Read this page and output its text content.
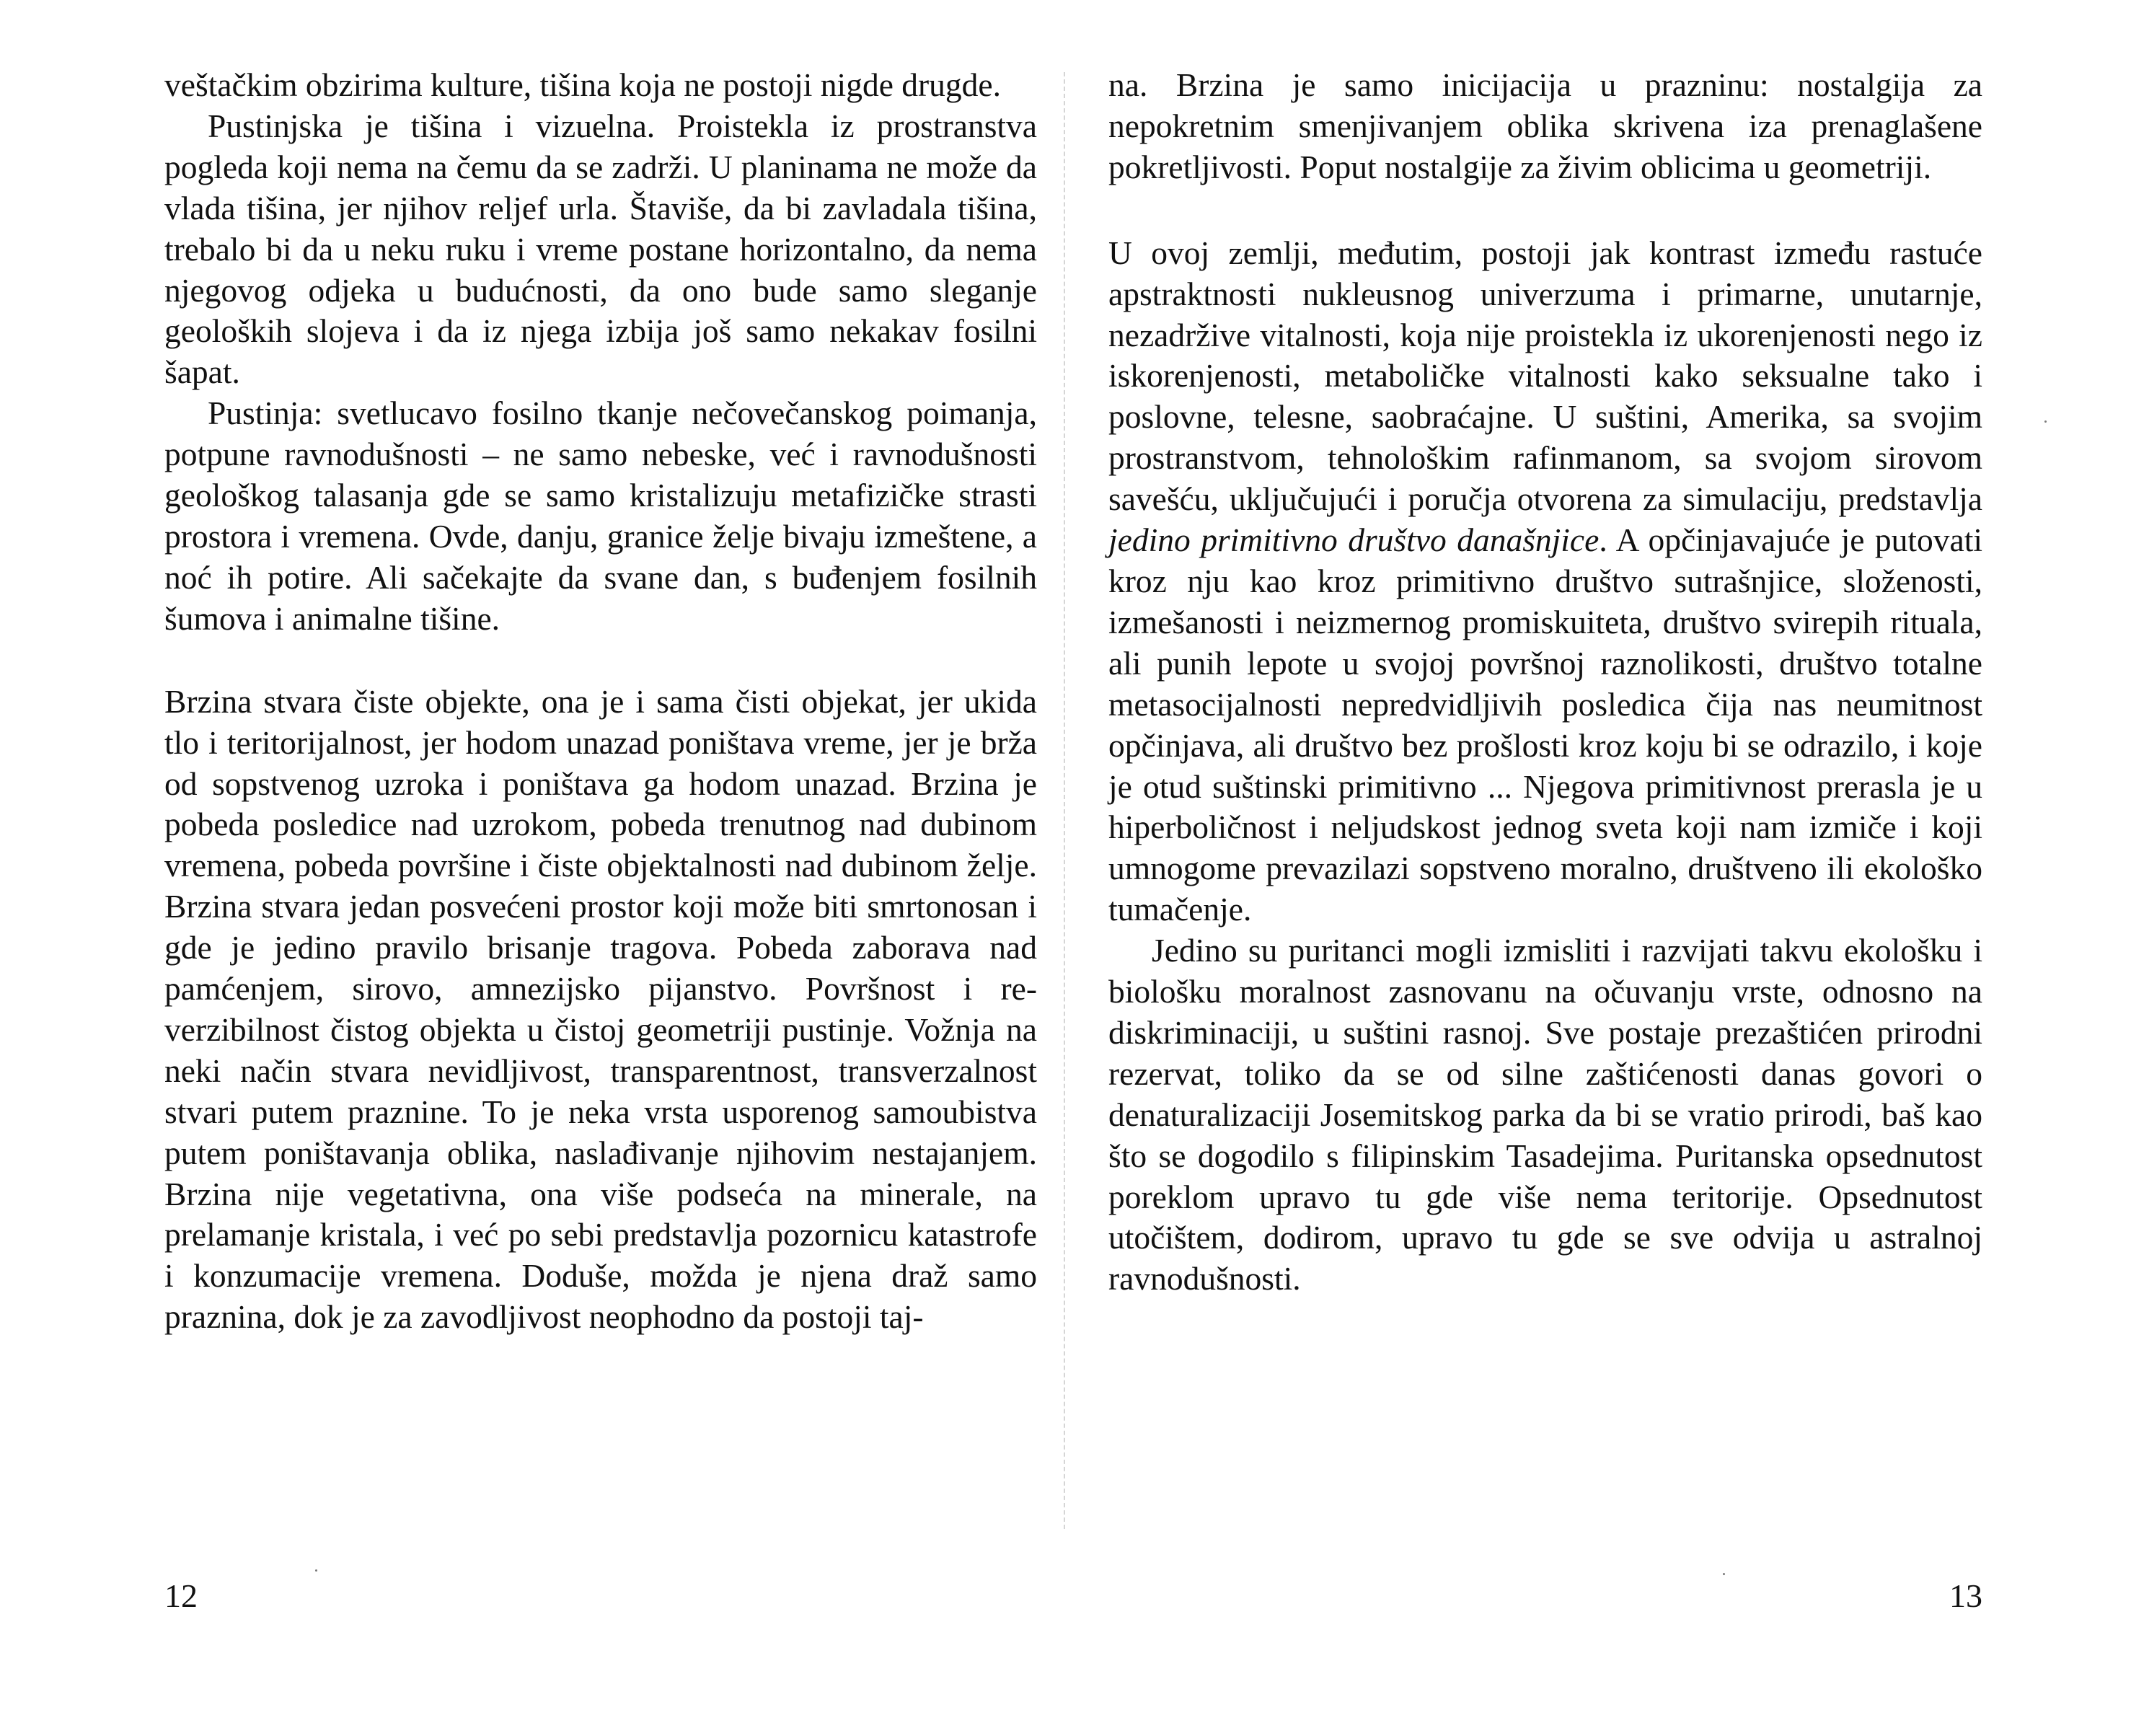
veštačkim obzirima kulture, tišina koja ne postoji nigde drugde.

Pustinjska je tišina i vizuelna. Proistekla iz prostranstva pogleda koji nema na čemu da se zadrži. U planinama ne može da vlada tišina, jer njihov reljef urla. Štaviše, da bi zavladala tišina, trebalo bi da u neku ruku i vreme postane horizontalno, da nema njegovog odjeka u budućnosti, da ono bude samo sleganje geoloških slojeva i da iz njega izbija još samo nekakav fosilni šapat.

Pustinja: svetlucavo fosilno tkanje nečovečanskog poimanja, potpune ravnodušnosti – ne samo nebeske, već i ravnodušnosti geološkog talasanja gde se samo kristalizuju metafizičke strasti prostora i vremena. Ovde, danju, granice želje bivaju izmeštene, a noć ih potire. Ali sačekajte da svane dan, s buđenjem fosilnih šumova i animalne tišine.

Brzina stvara čiste objekte, ona je i sama čisti objekat, jer ukida tlo i teritorijalnost, jer hodom unazad poništava vreme, jer je brža od sopstvenog uzroka i poništava ga hodom unazad. Brzina je pobeda posledice nad uzrokom, pobeda trenutnog nad dubinom vremena, pobeda površine i čiste objektalnosti nad dubinom želje. Brzina stvara jedan posvećeni prostor koji može biti smrtonosan i gde je jedino pravilo brisanje tragova. Pobeda zaborava nad pamćenjem, sirovo, amnezijsko pijanstvo. Površnost i reverzibilnost čistog objekta u čistoj geometriji pustinje. Vožnja na neki način stvara nevidljivost, transparentnost, transverzalnost stvari putem praznine. To je neka vrsta usporenog samoubistva putem poništavanja oblika, naslađivanje njihovim nestajanjem. Brzina nije vegetativna, ona više podseća na minerale, na prelamanje kristala, i već po sebi predstavlja pozornicu katastrofe i konzumacije vremena. Doduše, možda je njena draž samo praznina, dok je za zavodljivost neophodno da postoji taj-

12

na. Brzina je samo inicijacija u prazninu: nostalgija za nepokretnim smenjivanjem oblika skrivena iza prenaglašene pokretljivosti. Poput nostalgije za živim oblicima u geometriji.

U ovoj zemlji, međutim, postoji jak kontrast između rastuće apstraktnosti nukleusnog univerzuma i primarne, unutarnje, nezadržive vitalnosti, koja nije proistekla iz ukorenjenosti nego iz iskorenjenosti, metaboličke vitalnosti kako seksualne tako i poslovne, telesne, saobraćajne. U suštini, Amerika, sa svojim prostranstvom, tehnološkim rafinmanom, sa svojom sirovom savešću, uključujući i poručja otvorena za simulaciju, predstavlja jedino primitivno društvo današnjice. A opčinjavajuće je putovati kroz nju kao kroz primitivno društvo sutrašnjice, složenosti, izmešanosti i neizmernog promiskuiteta, društvo svirepih rituala, ali punih lepote u svojoj površnoj raznolikosti, društvo totalne metasocijalnosti nepredvidljivih posledica čija nas neumitnost opčinjava, ali društvo bez prošlosti kroz koju bi se odrazilo, i koje je otud suštinski primitivno ... Njegova primitivnost prerasla je u hiperboličnost i neljudskost jednog sveta koji nam izmiče i koji umnogome prevazilazi sopstveno moralno, društveno ili ekološko tumačenje.

Jedino su puritanci mogli izmisliti i razvijati takvu ekološku i biološku moralnost zasnovanu na očuvanju vrste, odnosno na diskriminaciji, u suštini rasnoj. Sve postaje prezaštićen prirodni rezervat, toliko da se od silne zaštićenosti danas govori o denaturalizaciji Josemitskog parka da bi se vratio prirodi, baš kao što se dogodilo s filipinskim Tasadejima. Puritanska opsednutost poreklom upravo tu gde više nema teritorije. Opsednutost utočištem, dodirom, upravo tu gde se sve odvija u astralnoj ravnodušnosti.

13
